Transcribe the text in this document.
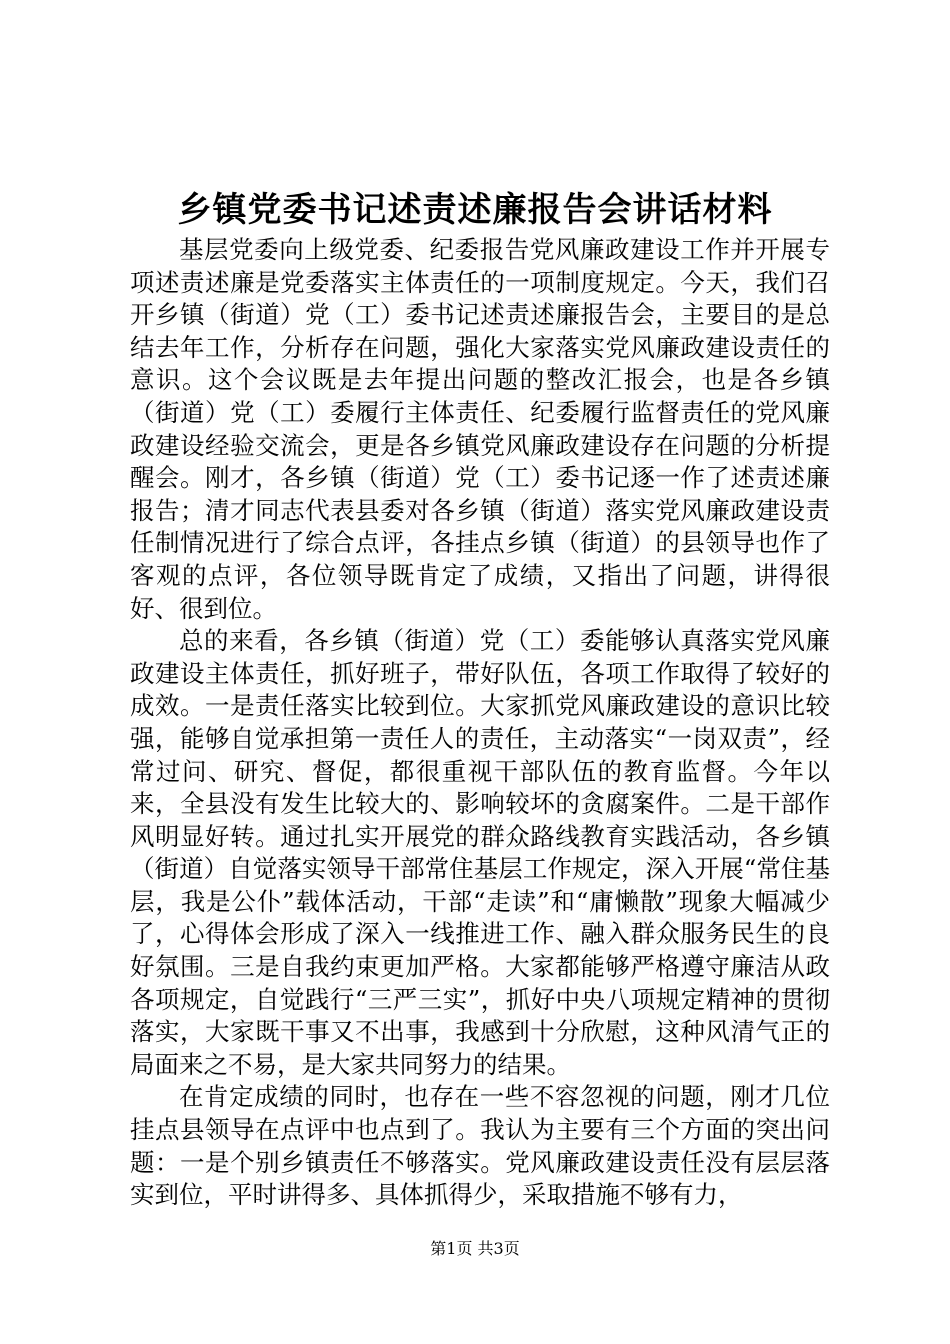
乡镇党委书记述责述廉报告会讲话材料

基层党委向上级党委、纪委报告党风廉政建设工作并开展专项述责述廉是党委落实主体责任的一项制度规定。今天，我们召开乡镇（街道）党（工）委书记述责述廉报告会，主要目的是总结去年工作，分析存在问题，强化大家落实党风廉政建设责任的意识。这个会议既是去年提出问题的整改汇报会，也是各乡镇（街道）党（工）委履行主体责任、纪委履行监督责任的党风廉政建设经验交流会，更是各乡镇党风廉政建设存在问题的分析提醒会。刚才，各乡镇（街道）党（工）委书记逐一作了述责述廉报告；清才同志代表县委对各乡镇（街道）落实党风廉政建设责任制情况进行了综合点评，各挂点乡镇（街道）的县领导也作了客观的点评，各位领导既肯定了成绩，又指出了问题，讲得很好、很到位。

总的来看，各乡镇（街道）党（工）委能够认真落实党风廉政建设主体责任，抓好班子，带好队伍，各项工作取得了较好的成效。一是责任落实比较到位。大家抓党风廉政建设的意识比较强，能够自觉承担第一责任人的责任，主动落实“一岗双责”，经常过问、研究、督促，都很重视干部队伍的教育监督。今年以来，全县没有发生比较大的、影响较坏的贪腐案件。二是干部作风明显好转。通过扎实开展党的群众路线教育实践活动，各乡镇（街道）自觉落实领导干部常住基层工作规定，深入开展“常住基层，我是公仆”载体活动，干部“走读”和“庸懒散”现象大幅减少了，心得体会形成了深入一线推进工作、融入群众服务民生的良好氛围。三是自我约束更加严格。大家都能够严格遵守廉洁从政各项规定，自觉践行“三严三实”，抓好中央八项规定精神的贯彻落实，大家既干事又不出事，我感到十分欣慰，这种风清气正的局面来之不易，是大家共同努力的结果。

在肯定成绩的同时，也存在一些不容忽视的问题，刚才几位挂点县领导在点评中也点到了。我认为主要有三个方面的突出问题：一是个别乡镇责任不够落实。党风廉政建设责任没有层层落实到位，平时讲得多、具体抓得少，采取措施不够有力，

第1页 共3页
